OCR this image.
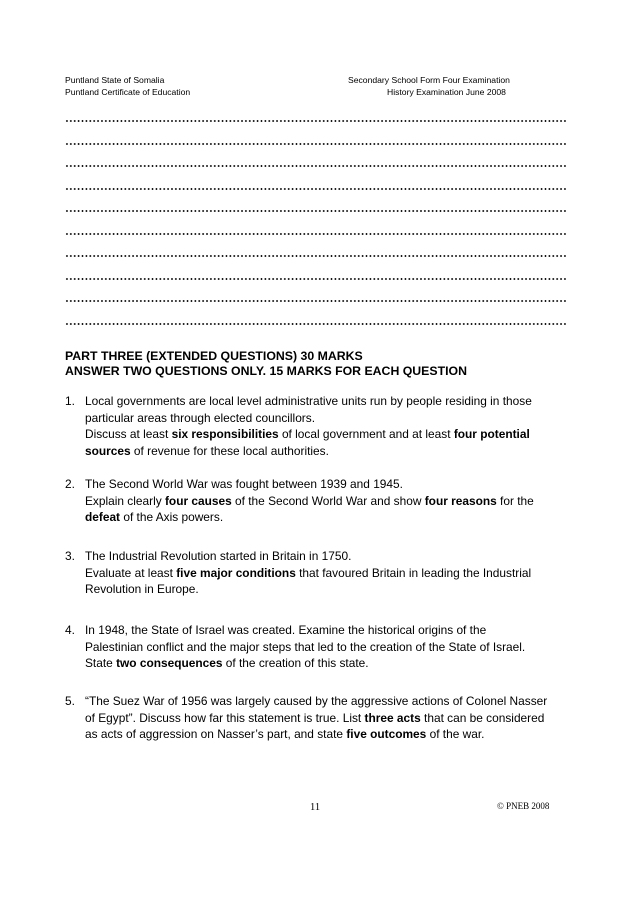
Puntland State of Somalia
Puntland Certificate of Education
Secondary School Form Four Examination
History Examination June 2008
PART THREE (EXTENDED QUESTIONS) 30 MARKS
ANSWER TWO QUESTIONS ONLY. 15 MARKS FOR EACH QUESTION
1. Local governments are local level administrative units run by people residing in those
particular areas through elected councillors.
Discuss at least six responsibilities of local government and at least four potential
sources of revenue for these local authorities.
2. The Second World War was fought between 1939 and 1945.
Explain clearly four causes of the Second World War and show four reasons for the
defeat of the Axis powers.
3. The Industrial Revolution started in Britain in 1750.
Evaluate at least five major conditions that favoured Britain in leading the Industrial
Revolution in Europe.
4. In 1948, the State of Israel was created. Examine the historical origins of the
Palestinian conflict and the major steps that led to the creation of the State of Israel.
State two consequences of the creation of this state.
5. “The Suez War of 1956 was largely caused by the aggressive actions of Colonel Nasser
of Egypt”. Discuss how far this statement is true. List three acts that can be considered
as acts of aggression on Nasser’s part, and state five outcomes of the war.
11	© PNEB 2008
